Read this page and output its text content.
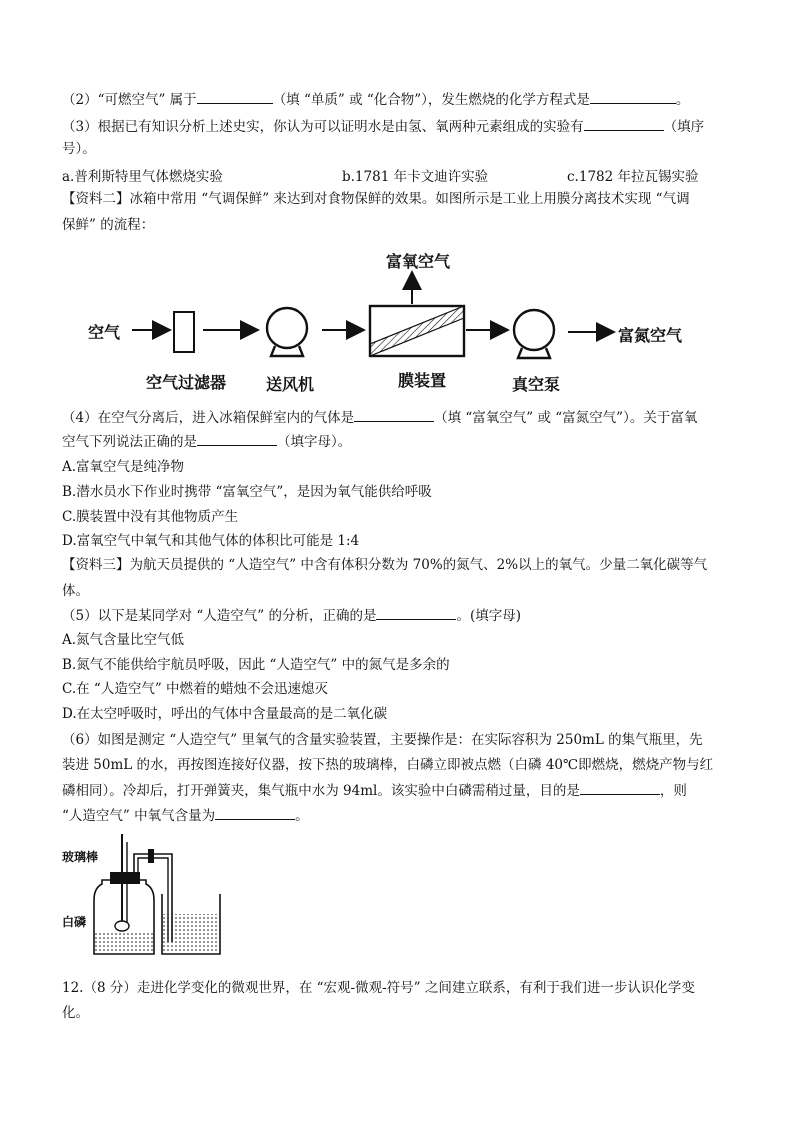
（2）“可燃空气” 属于	（填 “单质” 或 “化合物”），发生燃烧的化学方程式是	。
（3）根据已有知识分析上述史实，你认为可以证明水是由氢、氧两种元素组成的实验有	（填序
号）。
a.普利斯特里气体燃烧实验	b.1781 年卡文迪许实验	c.1782 年拉瓦锡实验
【资料二】冰箱中常用 “气调保鲜” 来达到对食物保鲜的效果。如图所示是工业上用膜分离技术实现 “气调
保鲜” 的流程：
空气
空气过滤器 送风机
富氧空气
膜装置	真空泵
富氮空气
（4）在空气分离后，进入冰箱保鲜室内的气体是	（填 “富氧空气” 或 “富氮空气”）。关于富氧
空气下列说法正确的是	（填字母）。
A.富氧空气是纯净物
B.潜水员水下作业时携带 “富氧空气”，是因为氧气能供给呼吸
C.膜装置中没有其他物质产生
D.富氧空气中氧气和其他气体的体积比可能是 1:4
【资料三】为航天员提供的 “人造空气” 中含有体积分数为 70%的氮气、2%以上的氧气。少量二氧化碳等气
体。
（5）以下是某同学对 “人造空气” 的分析，正确的是	。(填字母)
A.氮气含量比空气低
B.氮气不能供给宇航员呼吸，因此 “人造空气” 中的氮气是多余的
C.在 “人造空气” 中燃着的蜡烛不会迅速熄灭
D.在太空呼吸时，呼出的气体中含量最高的是二氧化碳
（6）如图是测定 “人造空气” 里氧气的含量实验装置，主要操作是：在实际容积为 250mL 的集气瓶里，先
装进 50mL 的水，再按图连接好仪器，按下热的玻璃棒，白磷立即被点燃（白磷 40℃即燃烧，燃烧产物与红
磷相同）。冷却后，打开弹簧夹，集气瓶中水为 94ml。该实验中白磷需稍过量，目的是	，则
“人造空气” 中氧气含量为	。
玻璃棒
白磷
12.（8 分）走进化学变化的微观世界，在 “宏观-微观-符号” 之间建立联系，有利于我们进一步认识化学变
化。
